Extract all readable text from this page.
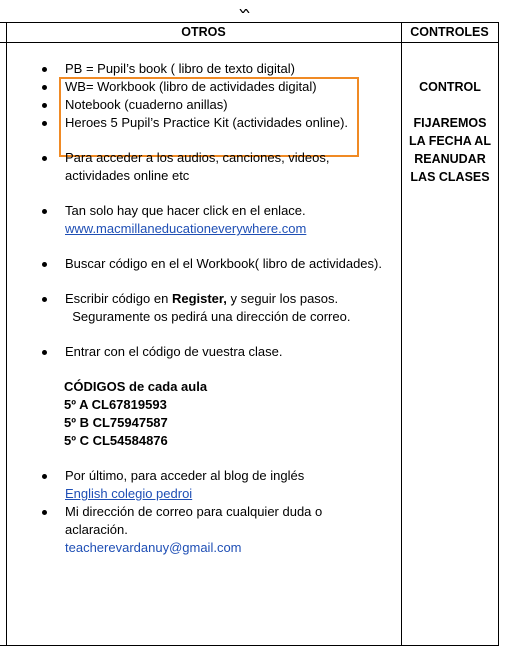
OTROS	CONTROLES
PB = Pupil’s book ( libro de texto digital)
WB= Workbook (libro de actividades digital)
Notebook (cuaderno anillas)
Heroes 5 Pupil’s Practice Kit (actividades online).
Para acceder a los audios, canciones, videos,
actividades online etc
Tan solo hay que hacer click en el enlace.
www.macmillaneducationeverywhere.com
Buscar código en el el Workbook( libro de actividades).
Escribir código en Register, y seguir los pasos.
Seguramente os pedirá una dirección de correo.
Entrar con el código de vuestra clase.
CÓDIGOS de cada aula
5º A CL67819593
5º B CL75947587
5º C CL54584876
Por último, para acceder al blog de inglés
English colegio pedroi
Mi dirección de correo para cualquier duda o
aclaración.
teacherevardanuy@gmail.com
CONTROL
FIJAREMOS
LA FECHA AL
REANUDAR
LAS CLASES
